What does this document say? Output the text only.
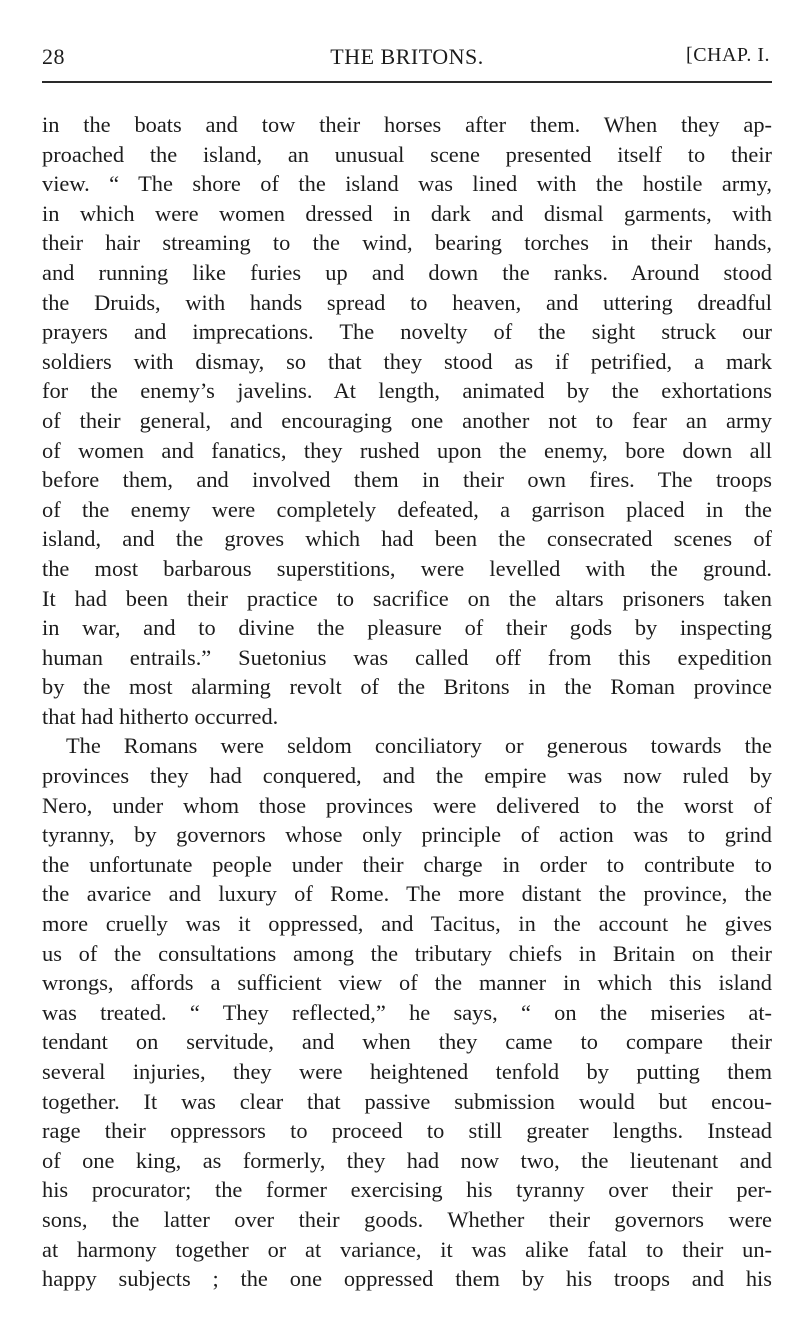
28	THE BRITONS.	[CHAP. I.
in the boats and tow their horses after them. When they ap-
proached the island, an unusual scene presented itself to their
view. “ The shore of the island was lined with the hostile army,
in which were women dressed in dark and dismal garments, with
their hair streaming to the wind, bearing torches in their hands,
and running like furies up and down the ranks. Around stood
the Druids, with hands spread to heaven, and uttering dreadful
prayers and imprecations. The novelty of the sight struck our
soldiers with dismay, so that they stood as if petrified, a mark
for the enemy’s javelins. At length, animated by the exhortations
of their general, and encouraging one another not to fear an army
of women and fanatics, they rushed upon the enemy, bore down all
before them, and involved them in their own fires. The troops
of the enemy were completely defeated, a garrison placed in the
island, and the groves which had been the consecrated scenes of
the most barbarous superstitions, were levelled with the ground.
It had been their practice to sacrifice on the altars prisoners taken
in war, and to divine the pleasure of their gods by inspecting
human entrails.” Suetonius was called off from this expedition
by the most alarming revolt of the Britons in the Roman province
that had hitherto occurred.
The Romans were seldom conciliatory or generous towards the
provinces they had conquered, and the empire was now ruled by
Nero, under whom those provinces were delivered to the worst of
tyranny, by governors whose only principle of action was to grind
the unfortunate people under their charge in order to contribute to
the avarice and luxury of Rome. The more distant the province, the
more cruelly was it oppressed, and Tacitus, in the account he gives
us of the consultations among the tributary chiefs in Britain on their
wrongs, affords a sufficient view of the manner in which this island
was treated. “ They reflected,” he says, “ on the miseries at-
tendant on servitude, and when they came to compare their
several injuries, they were heightened tenfold by putting them
together. It was clear that passive submission would but encou-
rage their oppressors to proceed to still greater lengths. Instead
of one king, as formerly, they had now two, the lieutenant and
his procurator; the former exercising his tyranny over their per-
sons, the latter over their goods. Whether their governors were
at harmony together or at variance, it was alike fatal to their un-
happy subjects ; the one oppressed them by his troops and his
